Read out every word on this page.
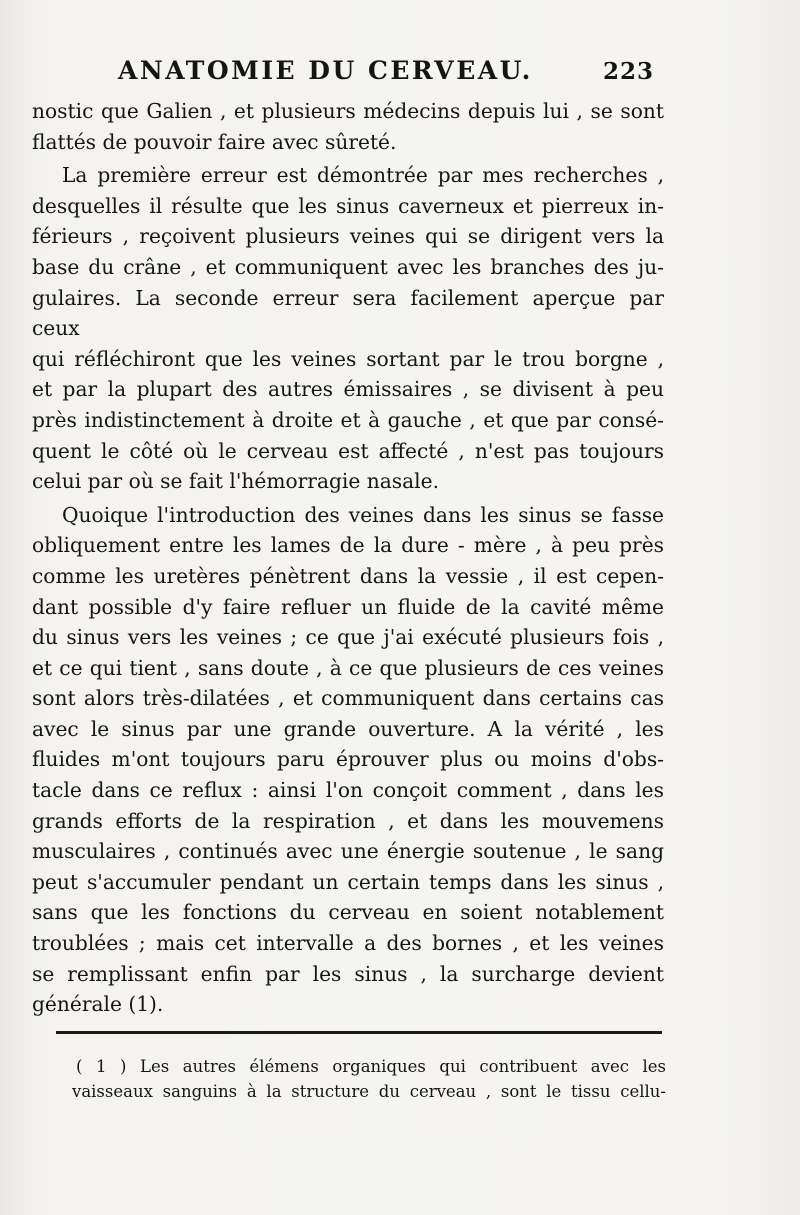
ANATOMIE DU CERVEAU.	223

nostic que Galien , et plusieurs médecins depuis lui , se sont
flattés de pouvoir faire avec sûreté.

La première erreur est démontrée par mes recherches ,
desquelles il résulte que les sinus caverneux et pierreux in-
férieurs , reçoivent plusieurs veines qui se dirigent vers la
base du crâne , et communiquent avec les branches des ju-
gulaires. La seconde erreur sera facilement aperçue par ceux
qui réfléchiront que les veines sortant par le trou borgne ,
et par la plupart des autres émissaires , se divisent à peu
près indistinctement à droite et à gauche , et que par consé-
quent le côté où le cerveau est affecté , n'est pas toujours
celui par où se fait l'hémorragie nasale.

Quoique l'introduction des veines dans les sinus se fasse
obliquement entre les lames de la dure - mère , à peu près
comme les uretères pénètrent dans la vessie , il est cepen-
dant possible d'y faire refluer un fluide de la cavité même
du sinus vers les veines ; ce que j'ai exécuté plusieurs fois ,
et ce qui tient , sans doute , à ce que plusieurs de ces veines
sont alors très-dilatées , et communiquent dans certains cas
avec le sinus par une grande ouverture. A la vérité , les
fluides m'ont toujours paru éprouver plus ou moins d'obs-
tacle dans ce reflux : ainsi l'on conçoit comment , dans les
grands efforts de la respiration , et dans les mouvemens
musculaires , continués avec une énergie soutenue , le sang
peut s'accumuler pendant un certain temps dans les sinus ,
sans que les fonctions du cerveau en soient notablement
troublées ; mais cet intervalle a des bornes , et les veines
se remplissant enfin par les sinus , la surcharge devient
générale (1).

( 1 ) Les autres élémens organiques qui contribuent avec les
vaisseaux sanguins à la structure du cerveau , sont le tissu cellu-
